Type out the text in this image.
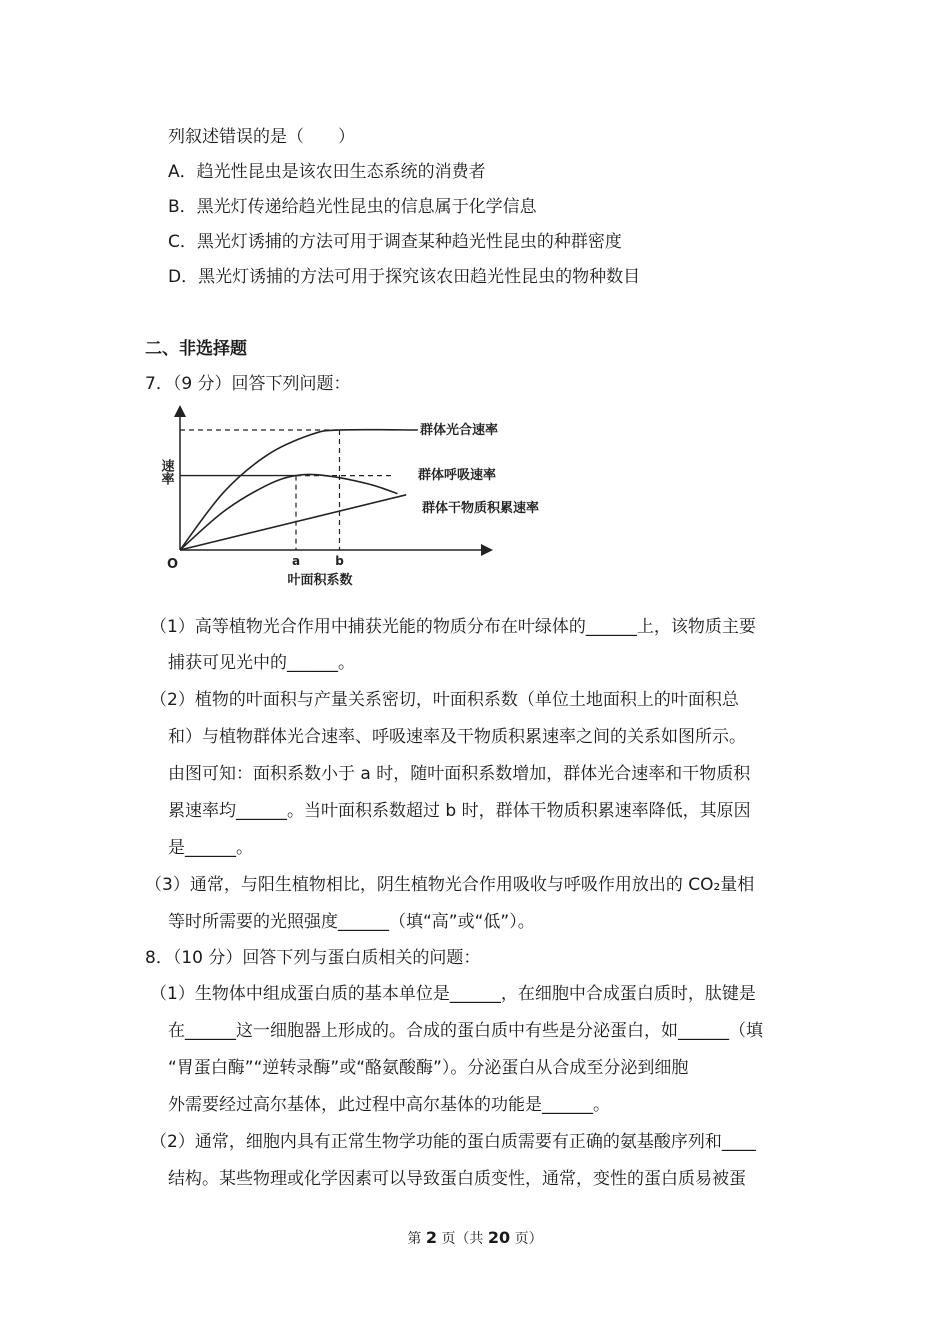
列叙述错误的是（　　）
A．趋光性昆虫是该农田生态系统的消费者
B．黑光灯传递给趋光性昆虫的信息属于化学信息
C．黑光灯诱捕的方法可用于调查某种趋光性昆虫的种群密度
D．黑光灯诱捕的方法可用于探究该农田趋光性昆虫的物种数目
二、非选择题
7．（9 分）回答下列问题：
群体光合速率
群体呼吸速率
群体干物质积累速率
a	b
O
叶面积系数
速率
（1）高等植物光合作用中捕获光能的物质分布在叶绿体的______上，该物质主要
捕获可见光中的______。
（2）植物的叶面积与产量关系密切，叶面积系数（单位土地面积上的叶面积总
和）与植物群体光合速率、呼吸速率及干物质积累速率之间的关系如图所示。
由图可知：面积系数小于 a 时，随叶面积系数增加，群体光合速率和干物质积
累速率均______。当叶面积系数超过 b 时，群体干物质积累速率降低，其原因
是______。
（3）通常，与阳生植物相比，阴生植物光合作用吸收与呼吸作用放出的 CO₂量相
等时所需要的光照强度______（填“高”或“低”）。
8．（10 分）回答下列与蛋白质相关的问题：
（1）生物体中组成蛋白质的基本单位是______，在细胞中合成蛋白质时，肽键是
在______这一细胞器上形成的。合成的蛋白质中有些是分泌蛋白，如______（填
“胃蛋白酶”“逆转录酶”或“酪氨酸酶”）。分泌蛋白从合成至分泌到细胞
外需要经过高尔基体，此过程中高尔基体的功能是______。
（2）通常，细胞内具有正常生物学功能的蛋白质需要有正确的氨基酸序列和____
结构。某些物理或化学因素可以导致蛋白质变性，通常，变性的蛋白质易被蛋
第 2 页（共 20 页）
